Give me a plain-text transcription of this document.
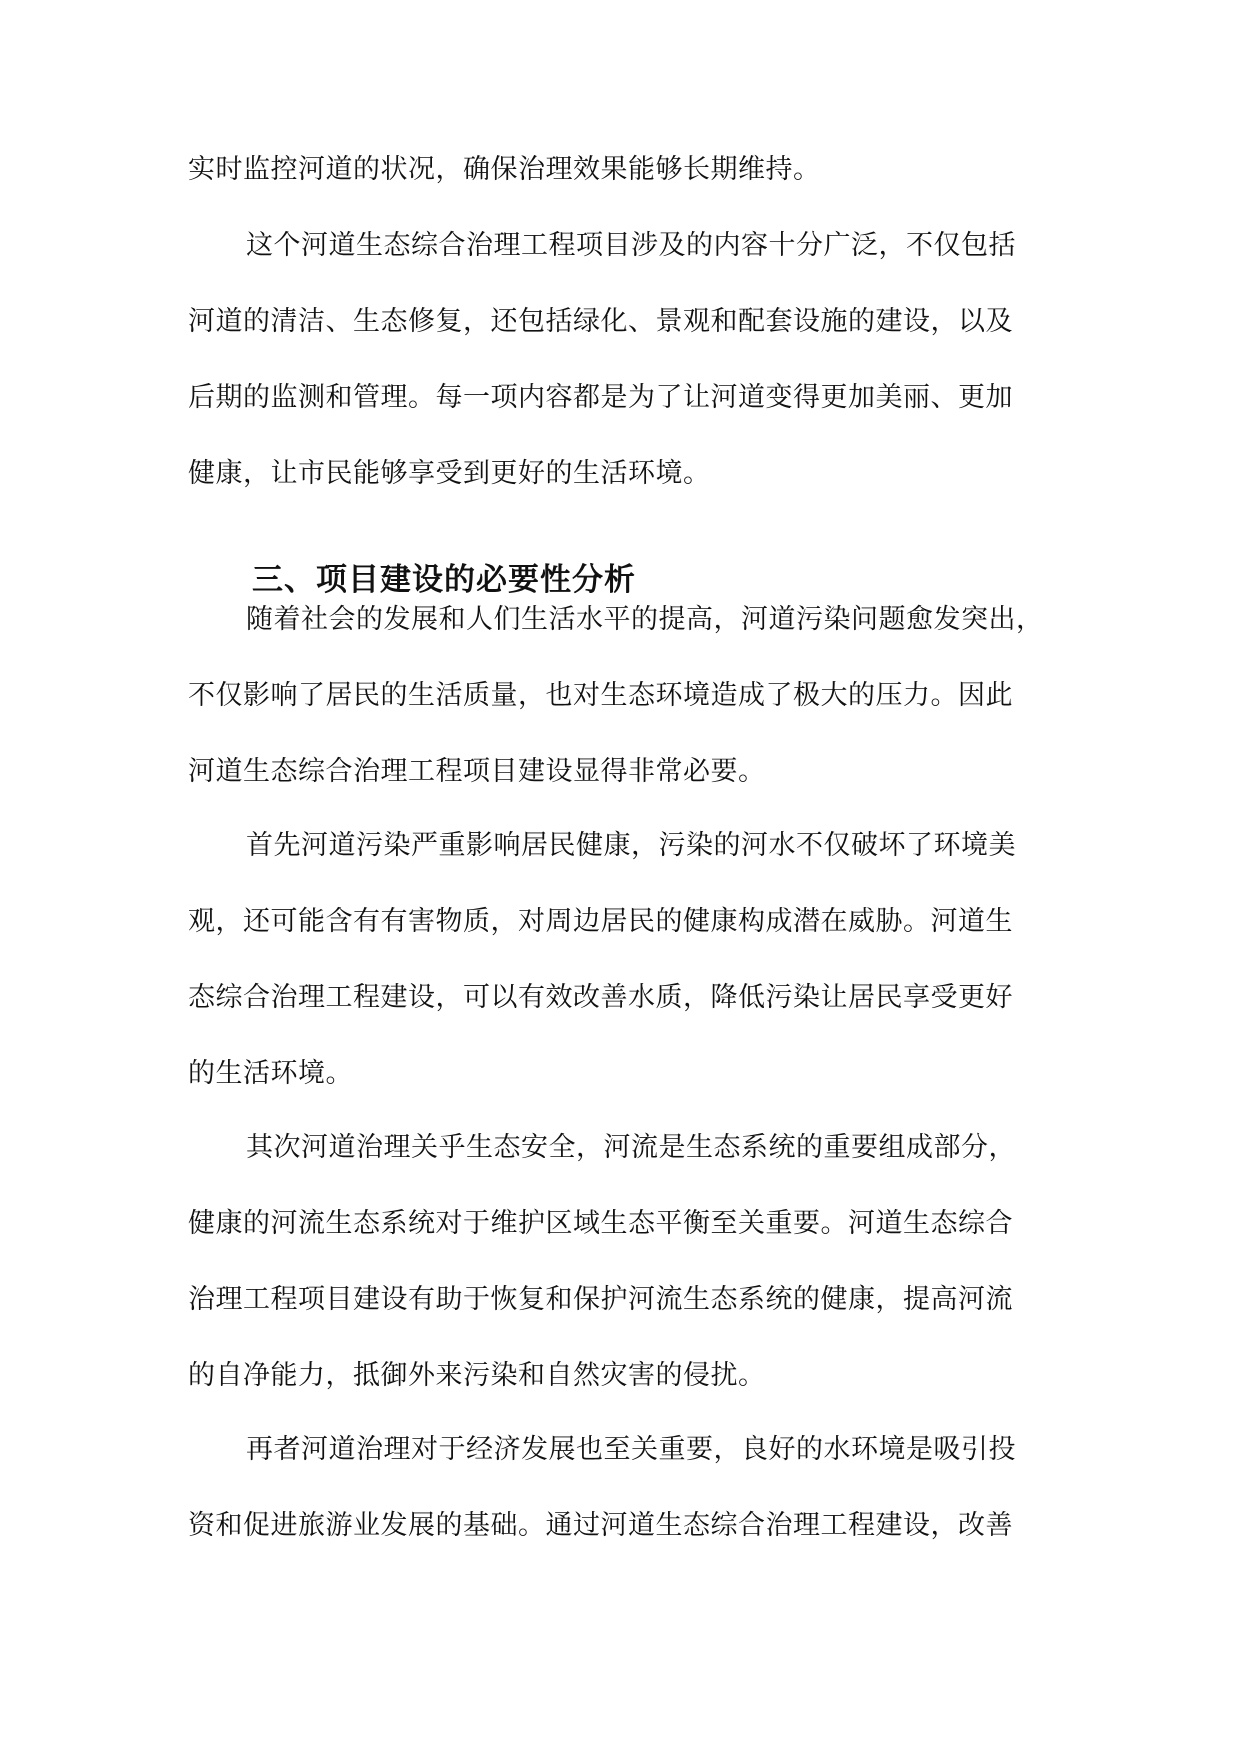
实时监控河道的状况，确保治理效果能够长期维持。
这个河道生态综合治理工程项目涉及的内容十分广泛，不仅包括
河道的清洁、生态修复，还包括绿化、景观和配套设施的建设，以及
后期的监测和管理。每一项内容都是为了让河道变得更加美丽、更加
健康，让市民能够享受到更好的生活环境。
三、项目建设的必要性分析
随着社会的发展和人们生活水平的提高，河道污染问题愈发突出，
不仅影响了居民的生活质量，也对生态环境造成了极大的压力。因此
河道生态综合治理工程项目建设显得非常必要。
首先河道污染严重影响居民健康，污染的河水不仅破坏了环境美
观，还可能含有有害物质，对周边居民的健康构成潜在威胁。河道生
态综合治理工程建设，可以有效改善水质，降低污染让居民享受更好
的生活环境。
其次河道治理关乎生态安全，河流是生态系统的重要组成部分，
健康的河流生态系统对于维护区域生态平衡至关重要。河道生态综合
治理工程项目建设有助于恢复和保护河流生态系统的健康，提高河流
的自净能力，抵御外来污染和自然灾害的侵扰。
再者河道治理对于经济发展也至关重要，良好的水环境是吸引投
资和促进旅游业发展的基础。通过河道生态综合治理工程建设，改善
